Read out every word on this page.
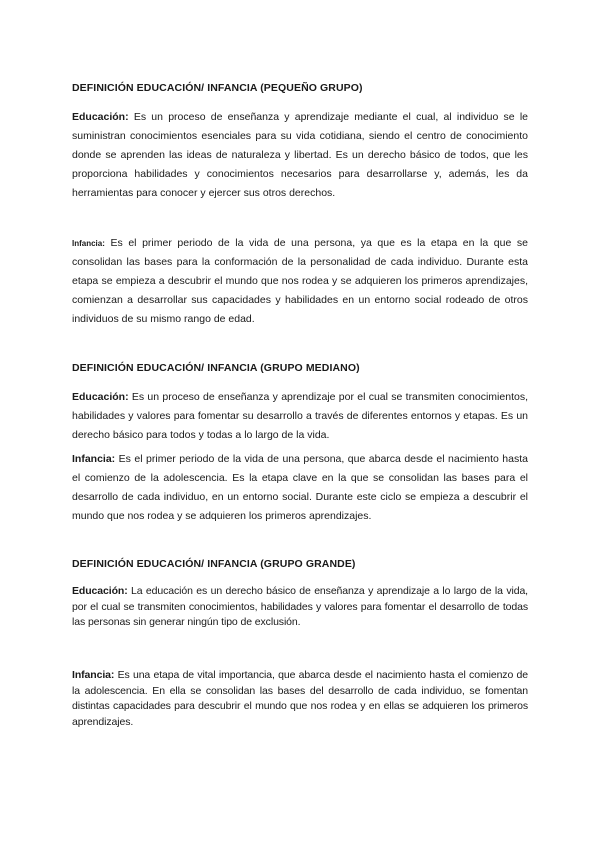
DEFINICIÓN EDUCACIÓN/ INFANCIA (PEQUEÑO GRUPO)

Educación: Es un proceso de enseñanza y aprendizaje mediante el cual, al individuo se le suministran conocimientos esenciales para su vida cotidiana, siendo el centro de conocimiento donde se aprenden las ideas de naturaleza y libertad. Es un derecho básico de todos, que les proporciona habilidades y conocimientos necesarios para desarrollarse y, además, les da herramientas para conocer y ejercer sus otros derechos.

Infancia: Es el primer periodo de la vida de una persona, ya que es la etapa en la que se consolidan las bases para la conformación de la personalidad de cada individuo. Durante esta etapa se empieza a descubrir el mundo que nos rodea y se adquieren los primeros aprendizajes, comienzan a desarrollar sus capacidades y habilidades en un entorno social rodeado de otros individuos de su mismo rango de edad.

DEFINICIÓN EDUCACIÓN/ INFANCIA (GRUPO MEDIANO)

Educación: Es un proceso de enseñanza y aprendizaje por el cual se transmiten conocimientos, habilidades y valores para fomentar su desarrollo a través de diferentes entornos y etapas. Es un derecho básico para todos y todas a lo largo de la vida.

Infancia: Es el primer periodo de la vida de una persona, que abarca desde el nacimiento hasta el comienzo de la adolescencia. Es la etapa clave en la que se consolidan las bases para el desarrollo de cada individuo, en un entorno social. Durante este ciclo se empieza a descubrir el mundo que nos rodea y se adquieren los primeros aprendizajes.

DEFINICIÓN EDUCACIÓN/ INFANCIA (GRUPO GRANDE)

Educación: La educación es un derecho básico de enseñanza y aprendizaje a lo largo de la vida, por el cual se transmiten conocimientos, habilidades y valores para fomentar el desarrollo de todas las personas sin generar ningún tipo de exclusión.

Infancia: Es una etapa de vital importancia, que abarca desde el nacimiento hasta el comienzo de la adolescencia. En ella se consolidan las bases del desarrollo de cada individuo, se fomentan distintas capacidades para descubrir el mundo que nos rodea y en ellas se adquieren los primeros aprendizajes.
